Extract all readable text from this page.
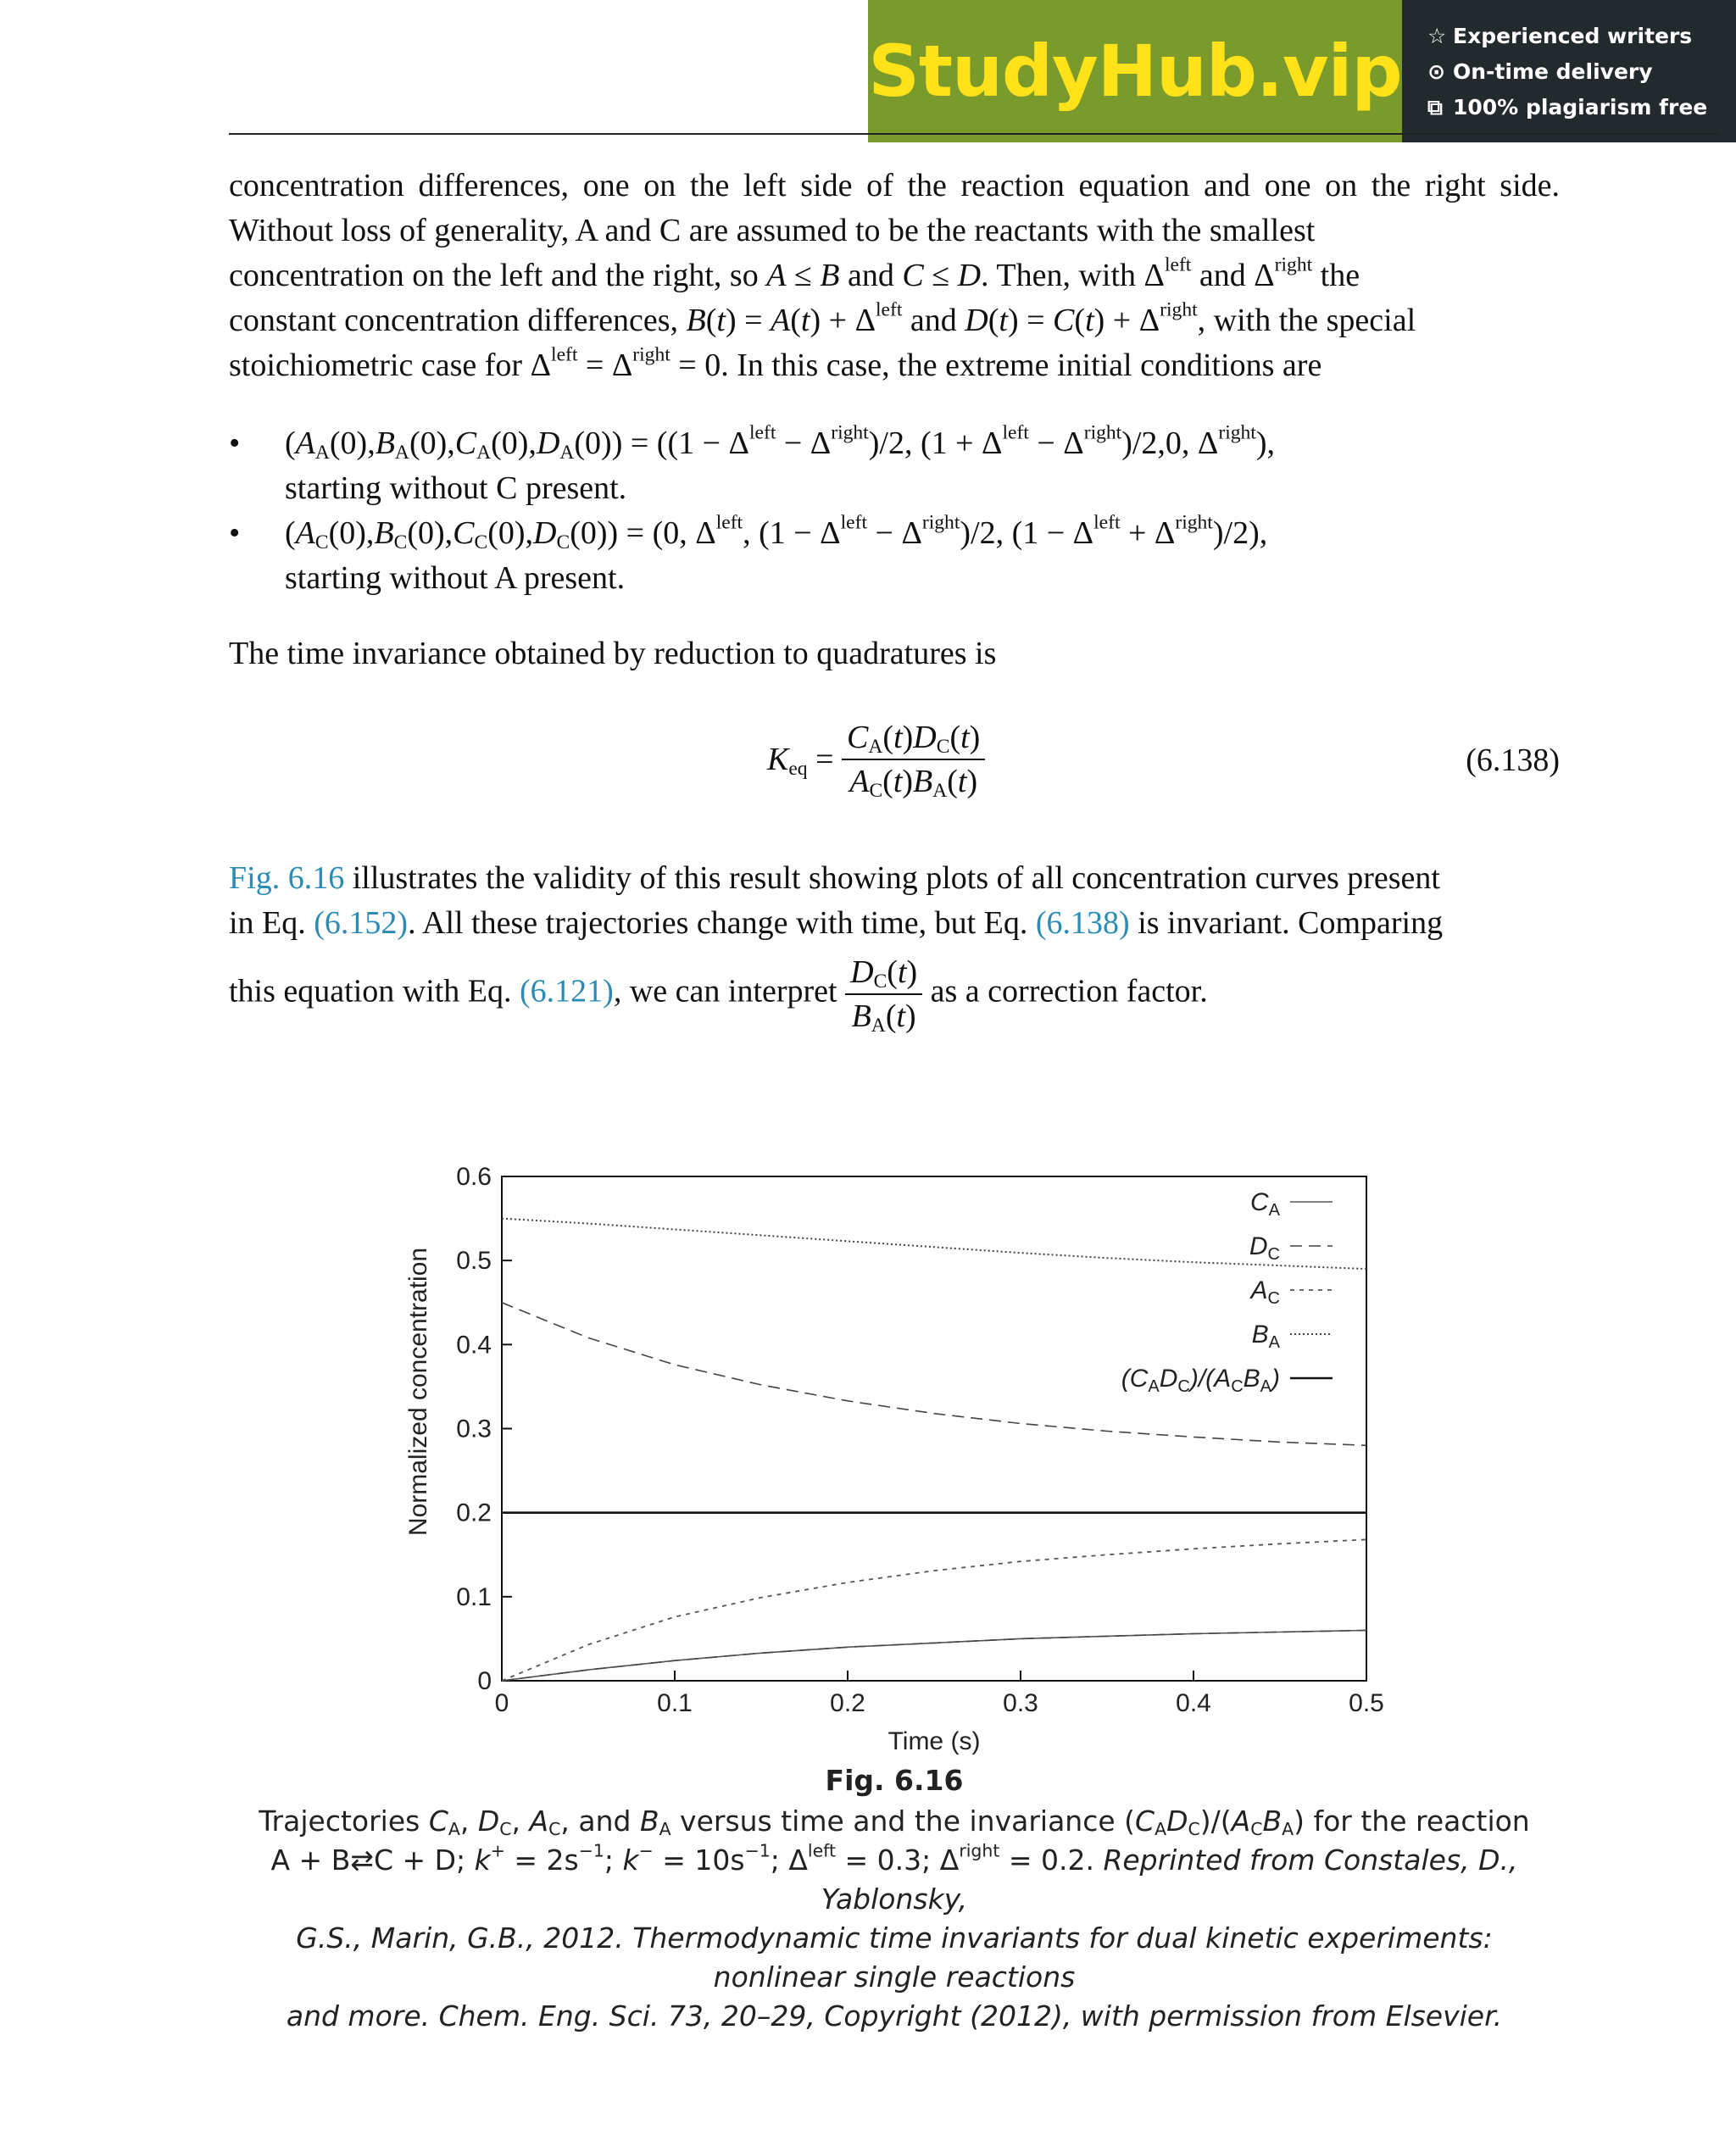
StudyHub.vip ☆ Experienced writers
⊙ On-time delivery
⧉ 100% plagiarism free
concentration differences, one on the left side of the reaction equation and one on the right side.
Without loss of generality, A and C are assumed to be the reactants with the smallest
concentration on the left and the right, so A ≤ B and C ≤ D. Then, with $\Delta^{left}$ and $\Delta^{right}$ the
constant concentration differences, $B(t) = A(t) + \Delta^{left}$ and $D(t) = C(t) + \Delta^{right}$, with the special
stoichiometric case for $\Delta^{left} = \Delta^{right} = 0$. In this case, the extreme initial conditions are
• $(A_A(0),B_A(0),C_A(0),D_A(0)) = ((1 - \Delta^{left} - \Delta^{right})/2$, $(1 + \Delta^{left} - \Delta^{right})/2,0$, $\Delta^{right}$),
starting without C present.
• $(A_C(0),B_C(0),C_C(0),D_C(0)) = (0$, $\Delta^{left}$, $(1 - \Delta^{left} - \Delta^{right})/2$, $(1 - \Delta^{left} + \Delta^{right})/2$),
starting without A present.
The time invariance obtained by reduction to quadratures is
$K_{eq} = \frac{C_A(t)D_C(t)}{A_C(t)B_A(t)}$	(6.138)
Fig. 6.16 illustrates the validity of this result showing plots of all concentration curves present
in Eq. (6.152). All these trajectories change with time, but Eq. (6.138) is invariant. Comparing
this equation with Eq. (6.121), we can interpret $\frac{D_C(t)}{B_A(t)}$ as a correction factor.
0
0.1
0.2
0.3
0.4
0.5
0.6
0	0.1	0.2	0.3	0.4	0.5
$C_A$
$D_C$
$A_C$
$B_A$
$(C_AD_C)/(A_CB_A)$
Normalized concentration
Time (s)
Fig. 6.16
Trajectories $C_A$, $D_C$, $A_C$, and $B_A$ versus time and the invariance $(C_AD_C)/(A_CB_A)$ for the reaction
A + B⇄C + D; $k^+ = 2s^{-1}$; $k^- = 10s^{-1}$; $\Delta^{left} = 0.3$; $\Delta^{right} = 0.2$. Reprinted from Constales, D., Yablonsky,
G.S., Marin, G.B., 2012. Thermodynamic time invariants for dual kinetic experiments: nonlinear single reactions
and more. Chem. Eng. Sci. 73, 20–29, Copyright (2012), with permission from Elsevier.
